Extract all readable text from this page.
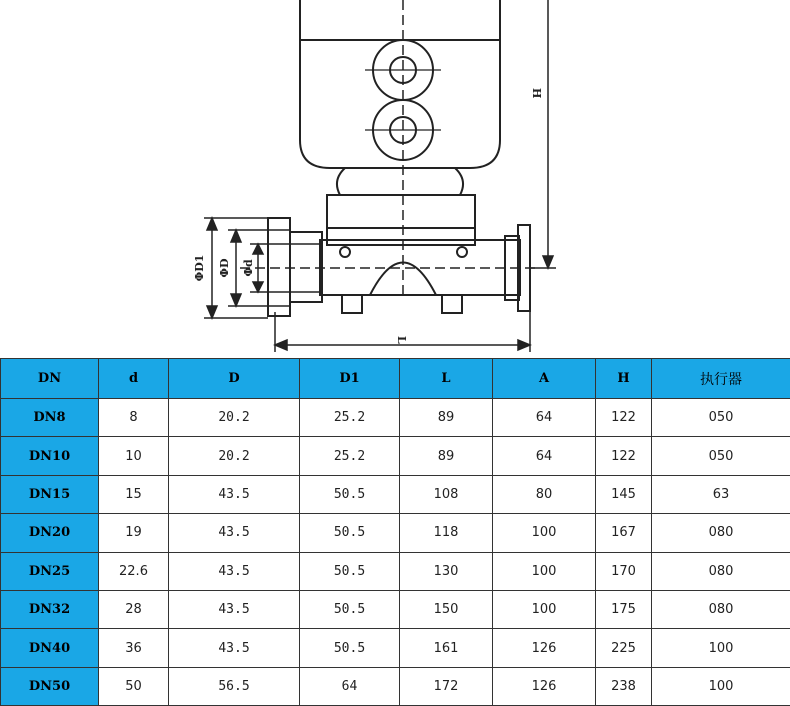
H
L
ΦD1 ΦD Φd
DN	d	D	D1	L	A	H	执行器
DN8	8	20.2	25.2	89	64	122	050
DN10	10	20.2	25.2	89	64	122	050
DN15	15	43.5	50.5	108	80	145	63
DN20	19	43.5	50.5	118	100	167	080
DN25	22.6	43.5	50.5	130	100	170	080
DN32	28	43.5	50.5	150	100	175	080
DN40	36	43.5	50.5	161	126	225	100
DN50	50	56.5	64	172	126	238	100
